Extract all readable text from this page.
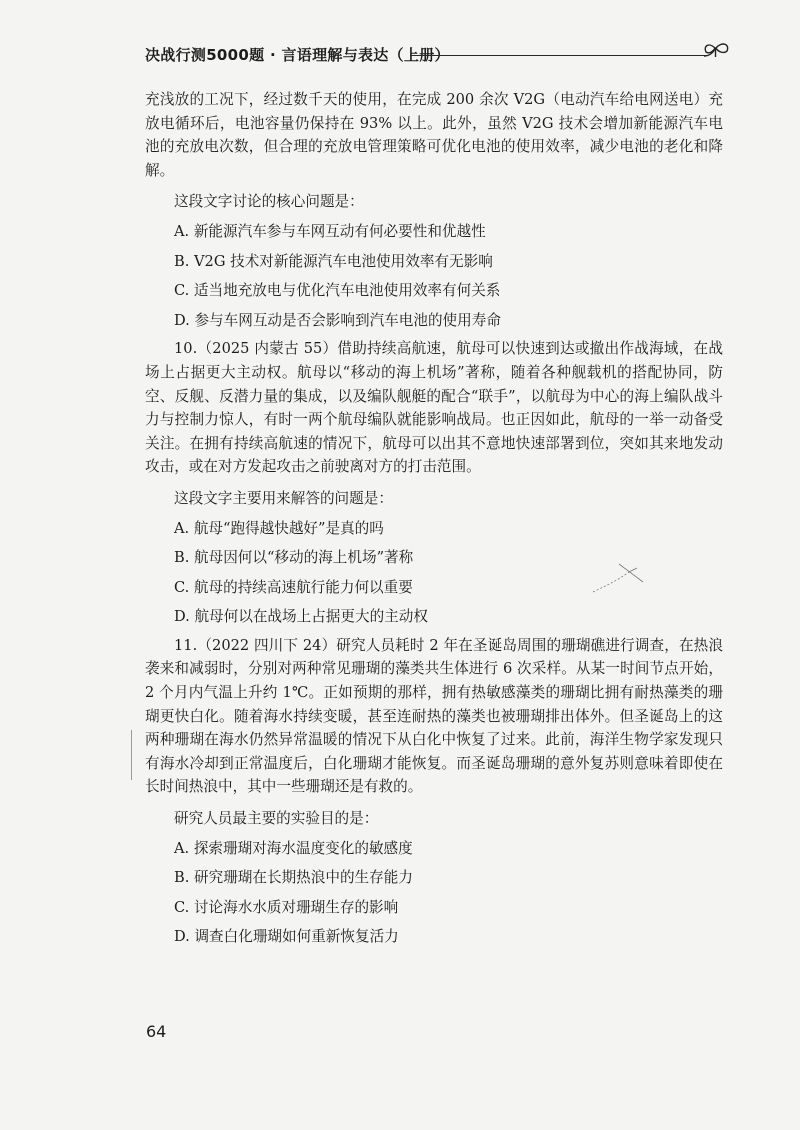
决战行测5000题 · 言语理解与表达（上册）

充浅放的工况下，经过数千天的使用，在完成 200 余次 V2G（电动汽车给电网送电）充放电循环后，电池容量仍保持在 93% 以上。此外，虽然 V2G 技术会增加新能源汽车电池的充放电次数，但合理的充放电管理策略可优化电池的使用效率，减少电池的老化和降解。

这段文字讨论的核心问题是：

A. 新能源汽车参与车网互动有何必要性和优越性

B. V2G 技术对新能源汽车电池使用效率有无影响

C. 适当地充放电与优化汽车电池使用效率有何关系

D. 参与车网互动是否会影响到汽车电池的使用寿命

10.（2025 内蒙古 55）借助持续高航速，航母可以快速到达或撤出作战海域，在战场上占据更大主动权。航母以“移动的海上机场”著称，随着各种舰载机的搭配协同，防空、反舰、反潜力量的集成，以及编队舰艇的配合“联手”，以航母为中心的海上编队战斗力与控制力惊人，有时一两个航母编队就能影响战局。也正因如此，航母的一举一动备受关注。在拥有持续高航速的情况下，航母可以出其不意地快速部署到位，突如其来地发动攻击，或在对方发起攻击之前驶离对方的打击范围。

这段文字主要用来解答的问题是：

A. 航母“跑得越快越好”是真的吗

B. 航母因何以“移动的海上机场”著称

C. 航母的持续高速航行能力何以重要

D. 航母何以在战场上占据更大的主动权

11.（2022 四川下 24）研究人员耗时 2 年在圣诞岛周围的珊瑚礁进行调查，在热浪袭来和减弱时，分别对两种常见珊瑚的藻类共生体进行 6 次采样。从某一时间节点开始，2 个月内气温上升约 1℃。正如预期的那样，拥有热敏感藻类的珊瑚比拥有耐热藻类的珊瑚更快白化。随着海水持续变暖，甚至连耐热的藻类也被珊瑚排出体外。但圣诞岛上的这两种珊瑚在海水仍然异常温暖的情况下从白化中恢复了过来。此前，海洋生物学家发现只有海水冷却到正常温度后，白化珊瑚才能恢复。而圣诞岛珊瑚的意外复苏则意味着即使在长时间热浪中，其中一些珊瑚还是有救的。

研究人员最主要的实验目的是：

A. 探索珊瑚对海水温度变化的敏感度

B. 研究珊瑚在长期热浪中的生存能力

C. 讨论海水水质对珊瑚生存的影响

D. 调查白化珊瑚如何重新恢复活力

64
